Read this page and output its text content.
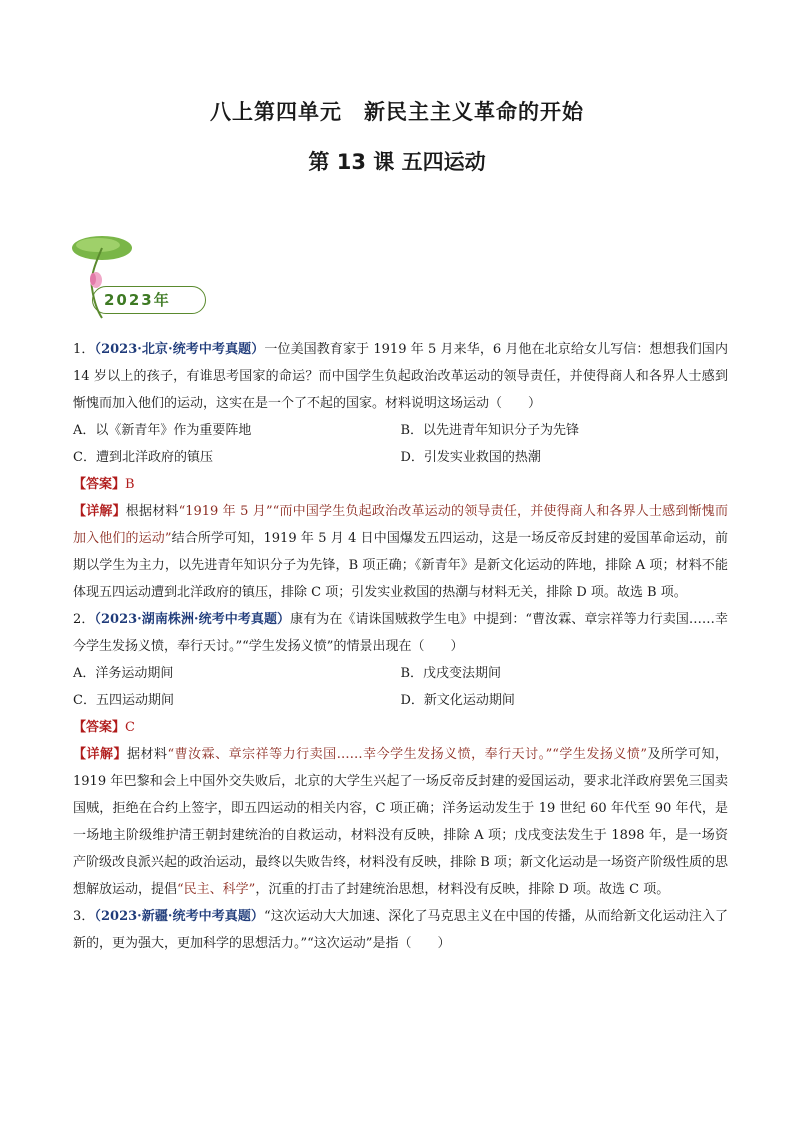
八上第四单元　新民主主义革命的开始
第 13 课 五四运动
2023年

1．（2023·北京·统考中考真题）一位美国教育家于 1919 年 5 月来华，6 月他在北京给女儿写信：想想我们国内 14 岁以上的孩子，有谁思考国家的命运？而中国学生负起政治改革运动的领导责任，并使得商人和各界人士感到惭愧而加入他们的运动，这实在是一个了不起的国家。材料说明这场运动（　　）

A．以《新青年》作为重要阵地	B．以先进青年知识分子为先锋
C．遭到北洋政府的镇压	D．引发实业救国的热潮

【答案】B

【详解】根据材料“1919 年 5 月”“而中国学生负起政治改革运动的领导责任，并使得商人和各界人士感到惭愧而加入他们的运动”结合所学可知，1919 年 5 月 4 日中国爆发五四运动，这是一场反帝反封建的爱国革命运动，前期以学生为主力，以先进青年知识分子为先锋，B 项正确；《新青年》是新文化运动的阵地，排除 A 项；材料不能体现五四运动遭到北洋政府的镇压，排除 C 项；引发实业救国的热潮与材料无关，排除 D 项。故选 B 项。

2．（2023·湖南株洲·统考中考真题）康有为在《请诛国贼救学生电》中提到：“曹汝霖、章宗祥等力行卖国……幸今学生发扬义愤，奉行天讨。”“学生发扬义愤”的情景出现在（　　）

A．洋务运动期间	B．戊戌变法期间
C．五四运动期间	D．新文化运动期间

【答案】C

【详解】据材料“曹汝霖、章宗祥等力行卖国……幸今学生发扬义愤，奉行天讨。”“学生发扬义愤”及所学可知，1919 年巴黎和会上中国外交失败后，北京的大学生兴起了一场反帝反封建的爱国运动，要求北洋政府罢免三国卖国贼，拒绝在合约上签字，即五四运动的相关内容，C 项正确；洋务运动发生于 19 世纪 60 年代至 90 年代，是一场地主阶级维护清王朝封建统治的自救运动，材料没有反映，排除 A 项；戊戌变法发生于 1898 年，是一场资产阶级改良派兴起的政治运动，最终以失败告终，材料没有反映，排除 B 项；新文化运动是一场资产阶级性质的思想解放运动，提倡“民主、科学”，沉重的打击了封建统治思想，材料没有反映，排除 D 项。故选 C 项。

3．（2023·新疆·统考中考真题）“这次运动大大加速、深化了马克思主义在中国的传播，从而给新文化运动注入了新的，更为强大，更加科学的思想活力。”“这次运动”是指（　　）
